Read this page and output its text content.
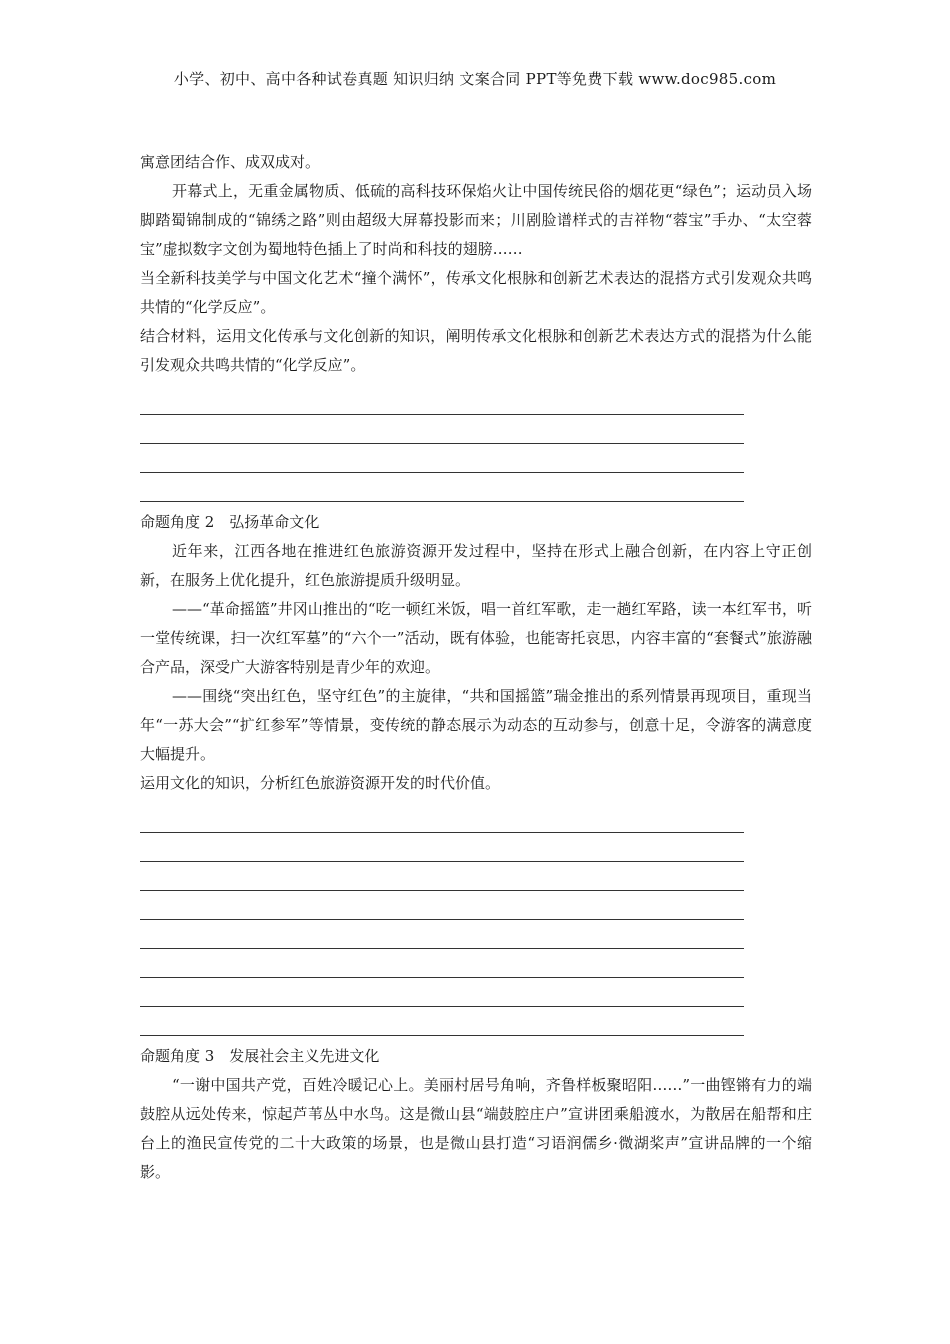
小学、初中、高中各种试卷真题 知识归纳 文案合同 PPT等免费下载 www.doc985.com

寓意团结合作、成双成对。

开幕式上，无重金属物质、低硫的高科技环保焰火让中国传统民俗的烟花更“绿色”；运动员入场脚踏蜀锦制成的“锦绣之路”则由超级大屏幕投影而来；川剧脸谱样式的吉祥物“蓉宝”手办、“太空蓉宝”虚拟数字文创为蜀地特色插上了时尚和科技的翅膀……

当全新科技美学与中国文化艺术“撞个满怀”，传承文化根脉和创新艺术表达的混搭方式引发观众共鸣共情的“化学反应”。

结合材料，运用文化传承与文化创新的知识，阐明传承文化根脉和创新艺术表达方式的混搭为什么能引发观众共鸣共情的“化学反应”。

命题角度 2　弘扬革命文化

近年来，江西各地在推进红色旅游资源开发过程中，坚持在形式上融合创新，在内容上守正创新，在服务上优化提升，红色旅游提质升级明显。

——“革命摇篮”井冈山推出的“吃一顿红米饭，唱一首红军歌，走一趟红军路，读一本红军书，听一堂传统课，扫一次红军墓”的“六个一”活动，既有体验，也能寄托哀思，内容丰富的“套餐式”旅游融合产品，深受广大游客特别是青少年的欢迎。

——围绕“突出红色，坚守红色”的主旋律，“共和国摇篮”瑞金推出的系列情景再现项目，重现当年“一苏大会”“扩红参军”等情景，变传统的静态展示为动态的互动参与，创意十足，令游客的满意度大幅提升。

运用文化的知识，分析红色旅游资源开发的时代价值。

命题角度 3　发展社会主义先进文化

“一谢中国共产党，百姓冷暖记心上。美丽村居号角响，齐鲁样板聚昭阳……”一曲铿锵有力的端鼓腔从远处传来，惊起芦苇丛中水鸟。这是微山县“端鼓腔庄户”宣讲团乘船渡水，为散居在船帮和庄台上的渔民宣传党的二十大政策的场景，也是微山县打造“习语润儒乡·微湖桨声”宣讲品牌的一个缩影。
